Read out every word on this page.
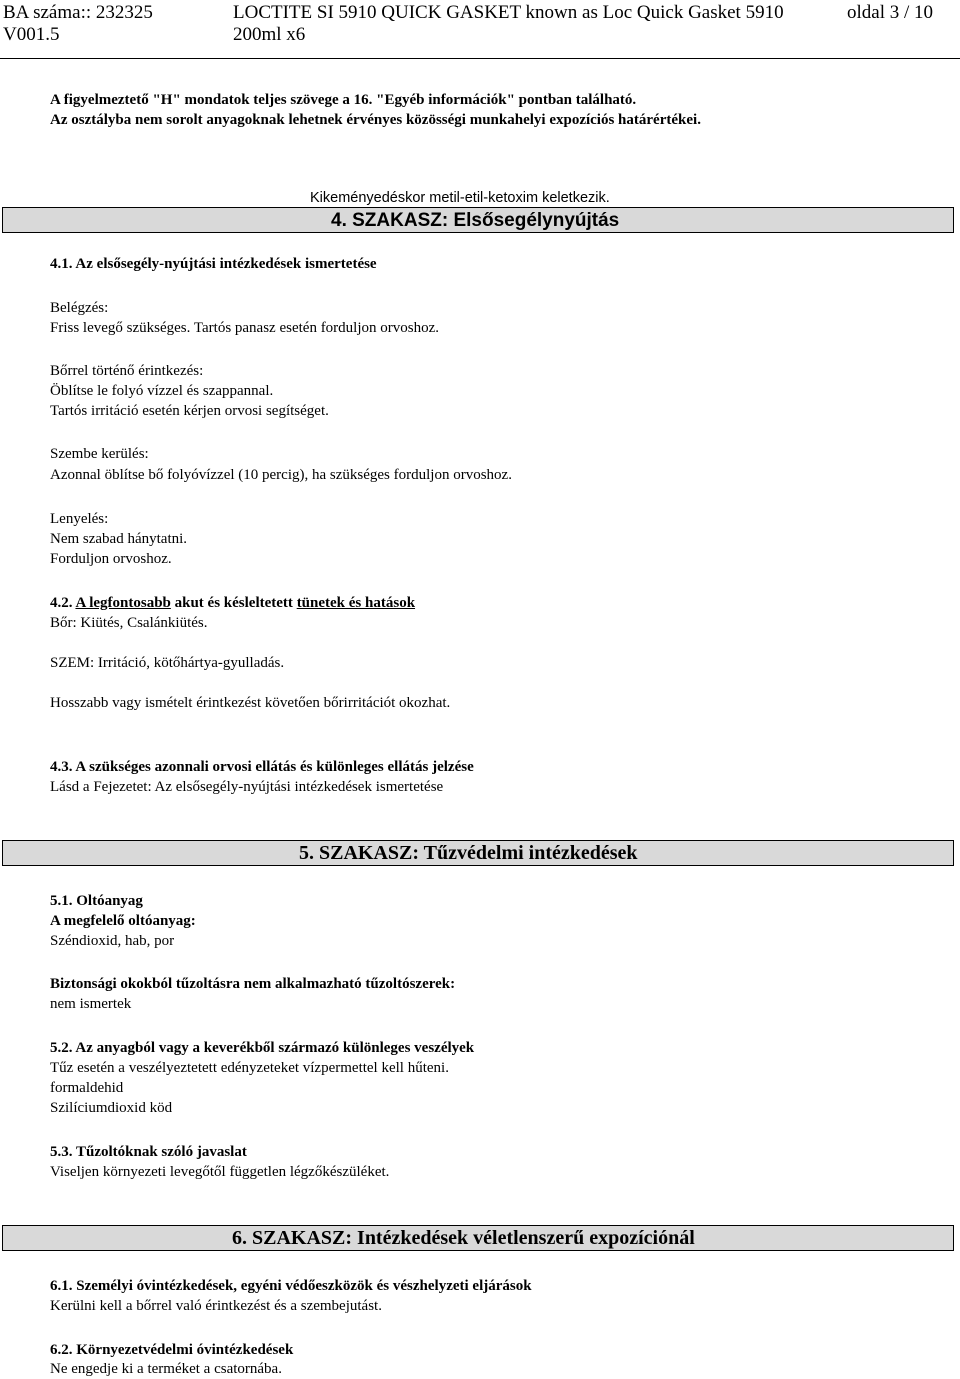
BA száma:: 232325
V001.5
LOCTITE SI 5910 QUICK GASKET known as Loc Quick Gasket 5910
200ml x6
oldal 3 / 10
A figyelmeztető "H" mondatok teljes szövege a 16. "Egyéb információk" pontban található.
Az osztályba nem sorolt anyagoknak lehetnek érvényes közösségi munkahelyi expozíciós határértékei.
Kikeményedéskor metil-etil-ketoxim keletkezik.
4. SZAKASZ: Elsősegélynyújtás
4.1. Az elsősegély-nyújtási intézkedések ismertetése
Belégzés:
Friss levegő szükséges. Tartós panasz esetén forduljon orvoshoz.
Bőrrel történő érintkezés:
Öblítse le folyó vízzel és szappannal.
Tartós irritáció esetén kérjen orvosi segítséget.
Szembe kerülés:
Azonnal öblítse bő folyóvízzel (10 percig), ha szükséges forduljon orvoshoz.
Lenyelés:
Nem szabad hánytatni.
Forduljon orvoshoz.
4.2. A legfontosabb akut és késleltetett tünetek és hatások
Bőr: Kiütés, Csalánkiütés.
SZEM: Irritáció, kötőhártya-gyulladás.
Hosszabb vagy ismételt érintkezést követően bőrirritációt okozhat.
4.3. A szükséges azonnali orvosi ellátás és különleges ellátás jelzése
Lásd a Fejezetet: Az elsősegély-nyújtási intézkedések ismertetése
5. SZAKASZ: Tűzvédelmi intézkedések
5.1. Oltóanyag
A megfelelő oltóanyag:
Széndioxid, hab, por
Biztonsági okokból tűzoltásra nem alkalmazható tűzoltószerek:
nem ismertek
5.2. Az anyagból vagy a keverékből származó különleges veszélyek
Tűz esetén a veszélyeztetett edényzeteket vízpermettel kell hűteni.
formaldehid
Szilíciumdioxid köd
5.3. Tűzoltóknak szóló javaslat
Viseljen környezeti levegőtől független légzőkészüléket.
6. SZAKASZ: Intézkedések véletlenszerű expozíciónál
6.1. Személyi óvintézkedések, egyéni védőeszközök és vészhelyzeti eljárások
Kerülni kell a bőrrel való érintkezést és a szembejutást.
6.2. Környezetvédelmi óvintézkedések
Ne engedje ki a terméket a csatornába.
